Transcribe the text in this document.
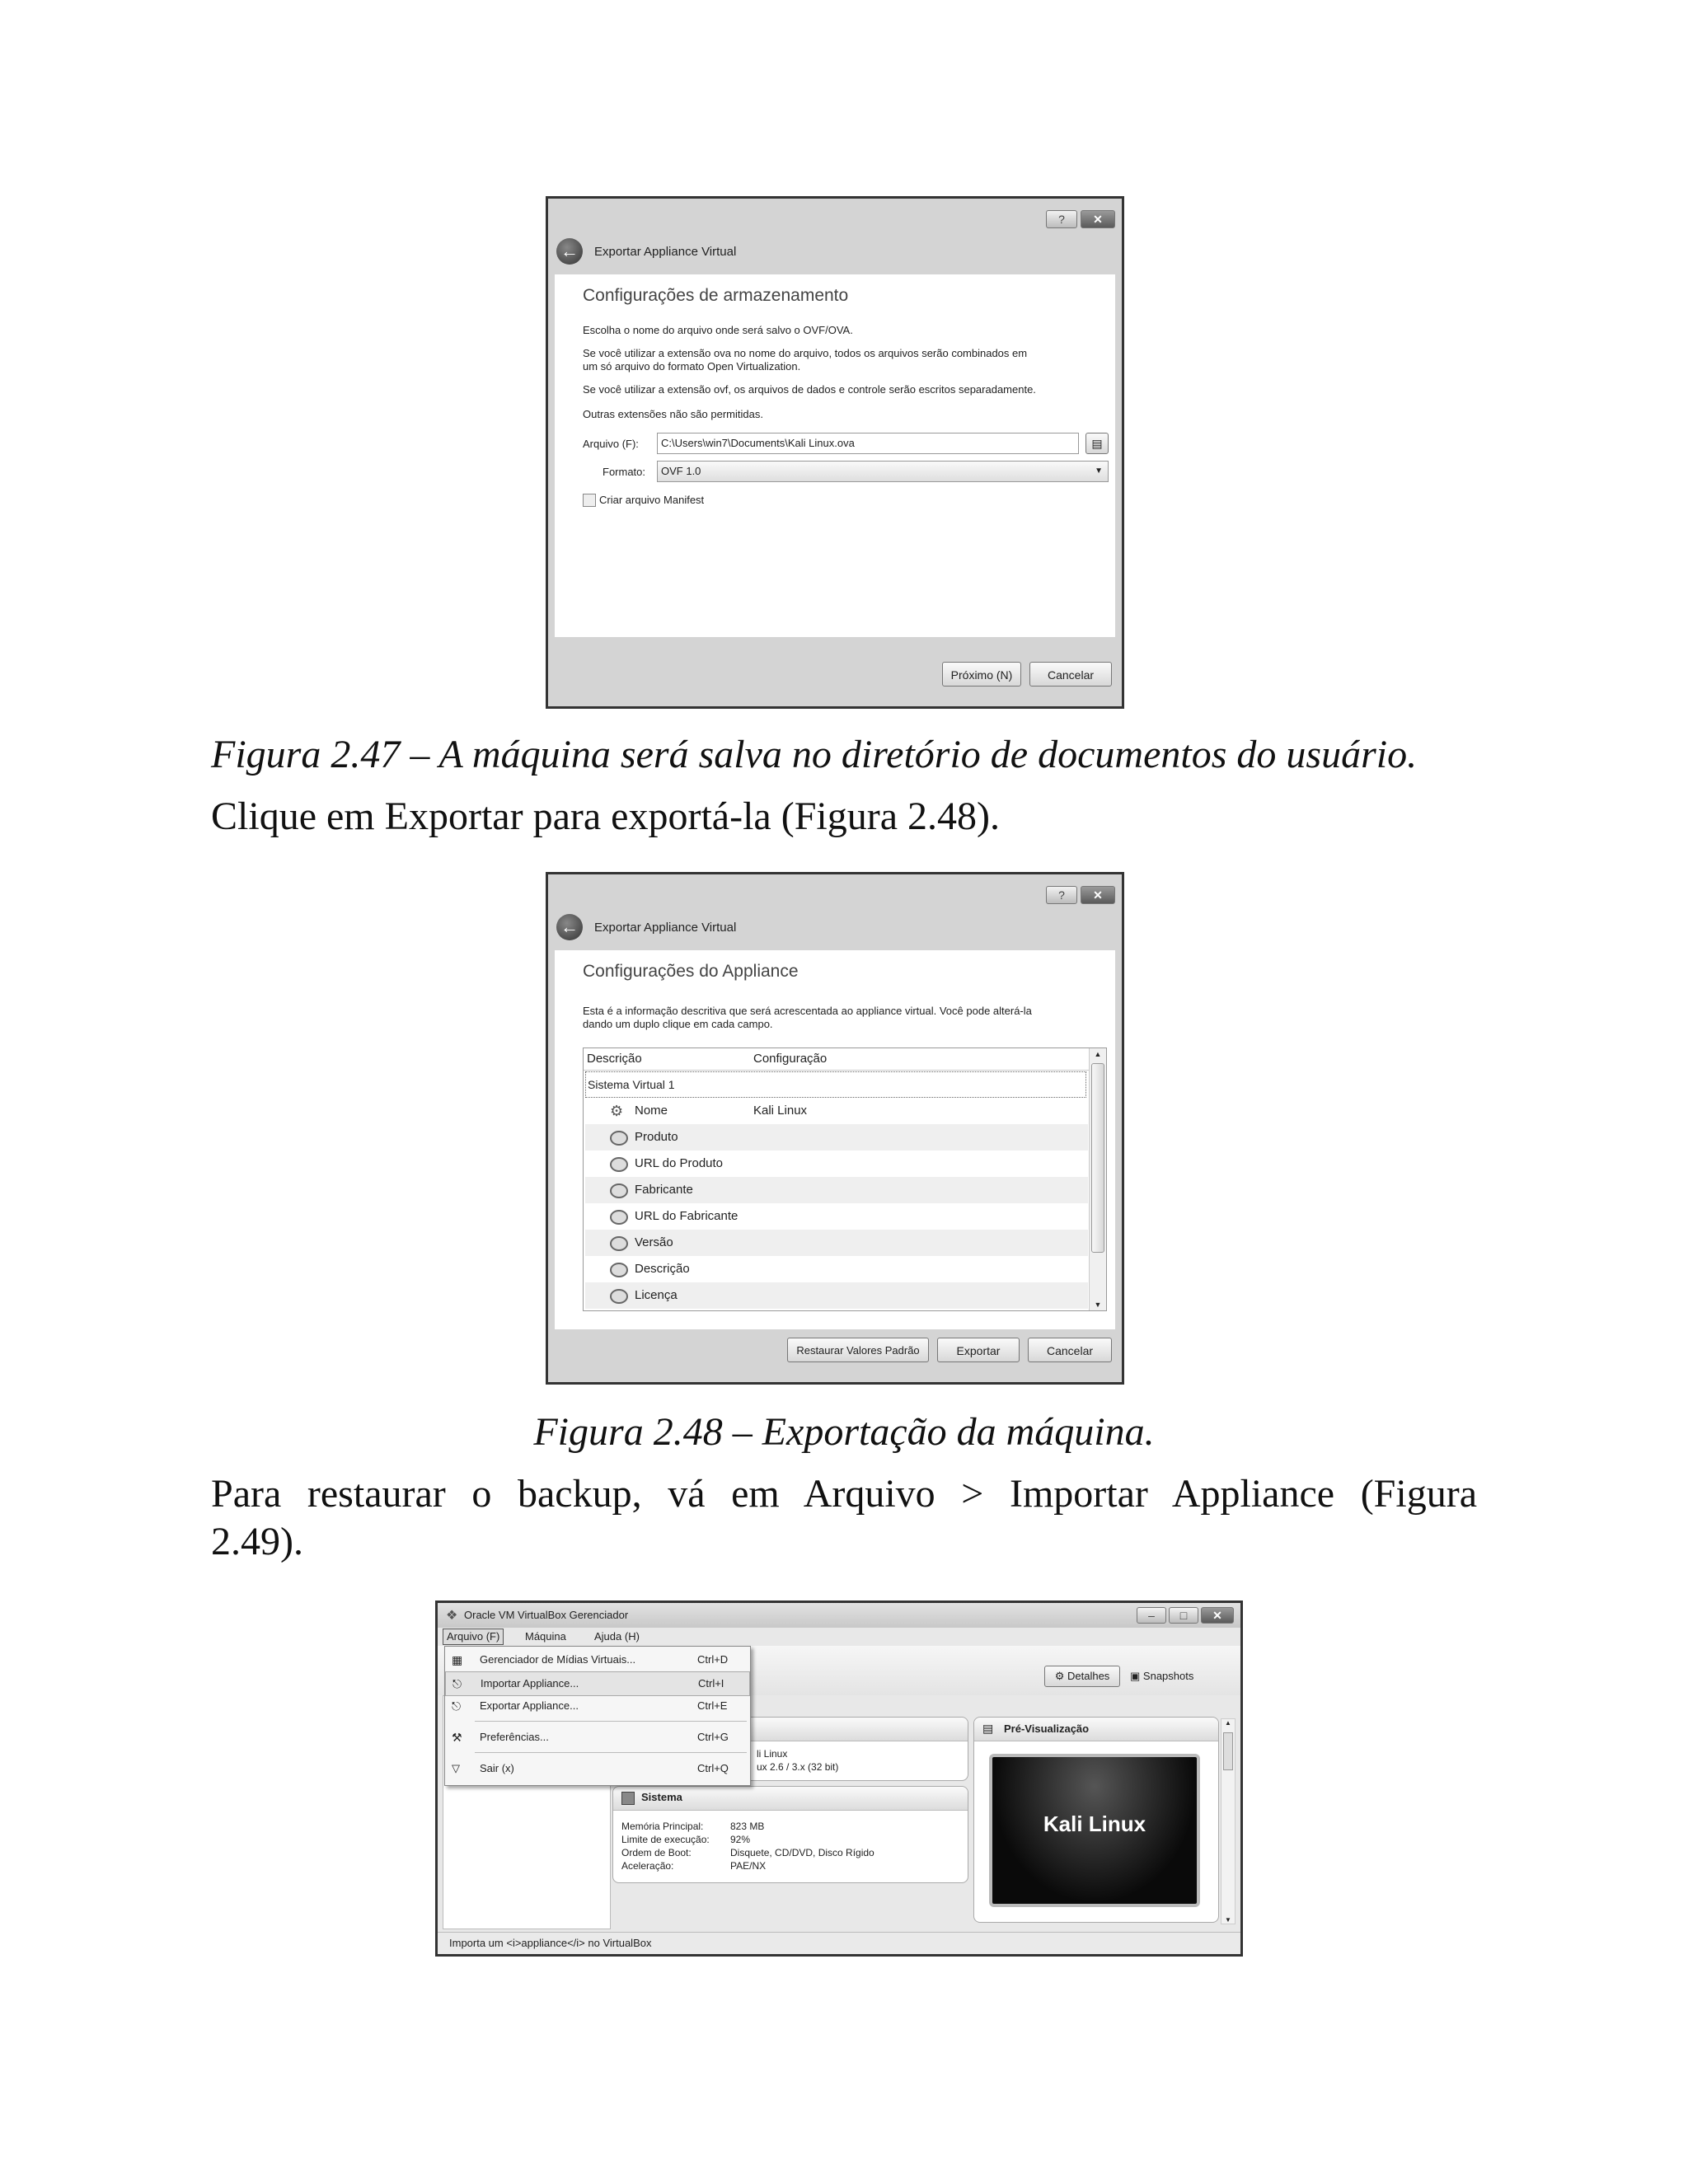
?	✕
←	Exportar Appliance Virtual
Configurações de armazenamento
Escolha o nome do arquivo onde será salvo o OVF/OVA.
Se você utilizar a extensão ova no nome do arquivo, todos os arquivos serão combinados em
um só arquivo do formato Open Virtualization.
Se você utilizar a extensão ovf, os arquivos de dados e controle serão escritos separadamente.
Outras extensões não são permitidas.
Arquivo (F):	C:\Users\win7\Documents\Kali Linux.ova	▤
Formato:	OVF 1.0	▼
Criar arquivo Manifest
Próximo (N)	Cancelar
Figura 2.47 – A máquina será salva no diretório de documentos do usuário.
Clique em Exportar para exportá-la (Figura 2.48).
?	✕
←	Exportar Appliance Virtual
Configurações do Appliance
Esta é a informação descritiva que será acrescentada ao appliance virtual. Você pode alterá-la
dando um duplo clique em cada campo.
Descrição	Configuração
Sistema Virtual 1
⚙ Nome	Kali Linux
Produto
URL do Produto
Fabricante
URL do Fabricante
Versão
Descrição
Licença
▲
▼
Restaurar Valores Padrão	Exportar	Cancelar
Figura 2.48 – Exportação da máquina.
Para restaurar o backup, vá em Arquivo > Importar Appliance (Figura
2.49).
❖ Oracle VM VirtualBox Gerenciador	–	□	✕
Arquivo (F)	Máquina	Ajuda (H)
⚙ Detalhes	▣ Snapshots
li Linux
ux 2.6 / 3.x (32 bit)
Sistema
Memória Principal:	823 MB
Limite de execução: 92%
Ordem de Boot:	Disquete, CD/DVD, Disco Rígido
Aceleração:	PAE/NX
▤ Pré-Visualização
Kali Linux
▲
▼
Importa um <i>appliance</i> no VirtualBox
▦ Gerenciador de Mídias Virtuais...	Ctrl+D
⎋ Importar Appliance...	Ctrl+I
⎋ Exportar Appliance...	Ctrl+E
⚒ Preferências...	Ctrl+G
▽ Sair (x)	Ctrl+Q
